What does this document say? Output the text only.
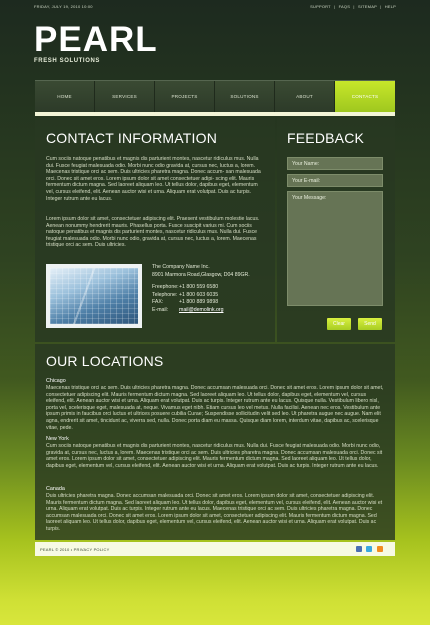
FRIDAY, JULY 19, 2010 10:00	SUPPORT | FAQS | SITEMAP | HELP
PEARL
FRESH SOLUTIONS
HOME	SERVICES	PROJECTS	SOLUTIONS	ABOUT	CONTACTS
CONTACT INFORMATION
Cum sociis natoque penatibus et magnis dis parturient montes, nascetur ridiculus mus. Nulla dui. Fusce feugiat malesuada odio. Morbi nunc odio gravida at, cursus nec, luctus a, lorem. Maecenas tristique orci ac sem. Duis ultricies pharetra magna. Donec accum- san malesuada orci. Donec sit amet eros. Lorem ipsum dolor sit amet consectetuer adipi- scing elit. Mauris fermentum dictum magna. Sed laoreet aliquam leo. Ut tellus dolor, dapibus eget, elementum vel, cursus eleifend, elit. Aenean auctor wisi et urna. Aliquam erat volutpat. Duis ac turpis. Integer rutrum ante eu lacus.
Lorem ipsum dolor sit amet, consectetuer adipiscing elit. Praesent vestibulum molestie lacus. Aenean nonummy hendrerit mauris. Phasellus porta. Fusce suscipit varius mi. Cum sociis natoque penatibus et magnis dis parturient montes, nascetur ridiculus mus. Nulla dui. Fusce feugiat malesuada odio. Morbi nunc odio, gravida at, cursus nec, luctus a, lorem. Maecenas tristique orci ac sem. Duis ultricies.
The Company Name Inc.
8901 Marmora Road,Glasgow, D04 89GR.
Freephone:+1 800 559 6580
Telephone: +1 800 603 6035
FAX:	+1 800 889 9898
E-mail: mail@demolink.org
FEEDBACK
Your Name:
Your E-mail:
Your Message:
Clear	Send
OUR LOCATIONS
Chicago
Maecenas tristique orci ac sem. Duis ultricies pharetra magna. Donec accumsan malesuada orci. Donec sit amet eros. Lorem ipsum dolor sit amet, consectetuer adipiscing elit. Mauris fermentum dictum magna. Sed laoreet aliquam leo. Ut tellus dolor, dapibus eget, elementum vel, cursus eleifend, elit. Aenean auctor wisi et urna. Aliquam erat volutpat. Duis ac turpis. Integer rutrum ante eu lacus. Quisque nulla. Vestibulum libero nisl, porta vel, scelerisque eget, malesuada at, neque. Vivamus eget nibh. Etiam cursus leo vel metus. Nulla facilisi. Aenean nec eros. Vestibulum ante ipsum primis in faucibus orci luctus et ultrices posuere cubilia Curae; Suspendisse sollicitudin velit sed leo. Ut pharetra augue nec augue. Nam elit agna, endrerit sit amet, tincidunt ac, viverra sed, nulla. Donec porta diam eu massa. Quisque diam lorem, interdum vitae, dapibus ac, scelerisque vitae, pede.
New York
Cum sociis natoque penatibus et magnis dis parturient montes, nascetur ridiculus mus. Nulla dui. Fusce feugiat malesuada odio. Morbi nunc odio, gravida at, cursus nec, luctus a, lorem. Maecenas tristique orci ac sem. Duis ultricies pharetra magna. Donec accumsan malesuada orci. Donec sit amet eros. Lorem ipsum dolor sit amet, consectetuer adipiscing elit. Mauris fermentum dictum magna. Sed laoreet aliquam leo. Ut tellus dolor, dapibus eget, elementum vel, cursus eleifend, elit. Aenean auctor wisi et urna. Aliquam erat volutpat. Duis ac turpis. Integer rutrum ante eu lacus.
Canada
Duis ultricies pharetra magna. Donec accumsan malesuada orci. Donec sit amet eros. Lorem ipsum dolor sit amet, consectetuer adipiscing elit. Mauris fermentum dictum magna. Sed laoreet aliquam leo. Ut tellus dolor, dapibus eget, elementum vel, cursus eleifend, elit. Aenean auctor wisi et urna. Aliquam erat volutpat. Duis ac turpis. Integer rutrum ante eu lacus. Maecenas tristique orci ac sem. Duis ultricies pharetra magna. Donec accumsan malesuada orci. Donec sit amet eros. Lorem ipsum dolor sit amet, consectetuer adipiscing elit. Mauris fermentum dictum magna. Sed laoreet aliquam leo. Ut tellus dolor, dapibus eget, elementum vel, cursus eleifend, elit. Aenean auctor wisi et urna. Aliquam erat volutpat. Duis ac turpis.
PEARL © 2010 • PRIVACY POLICY
